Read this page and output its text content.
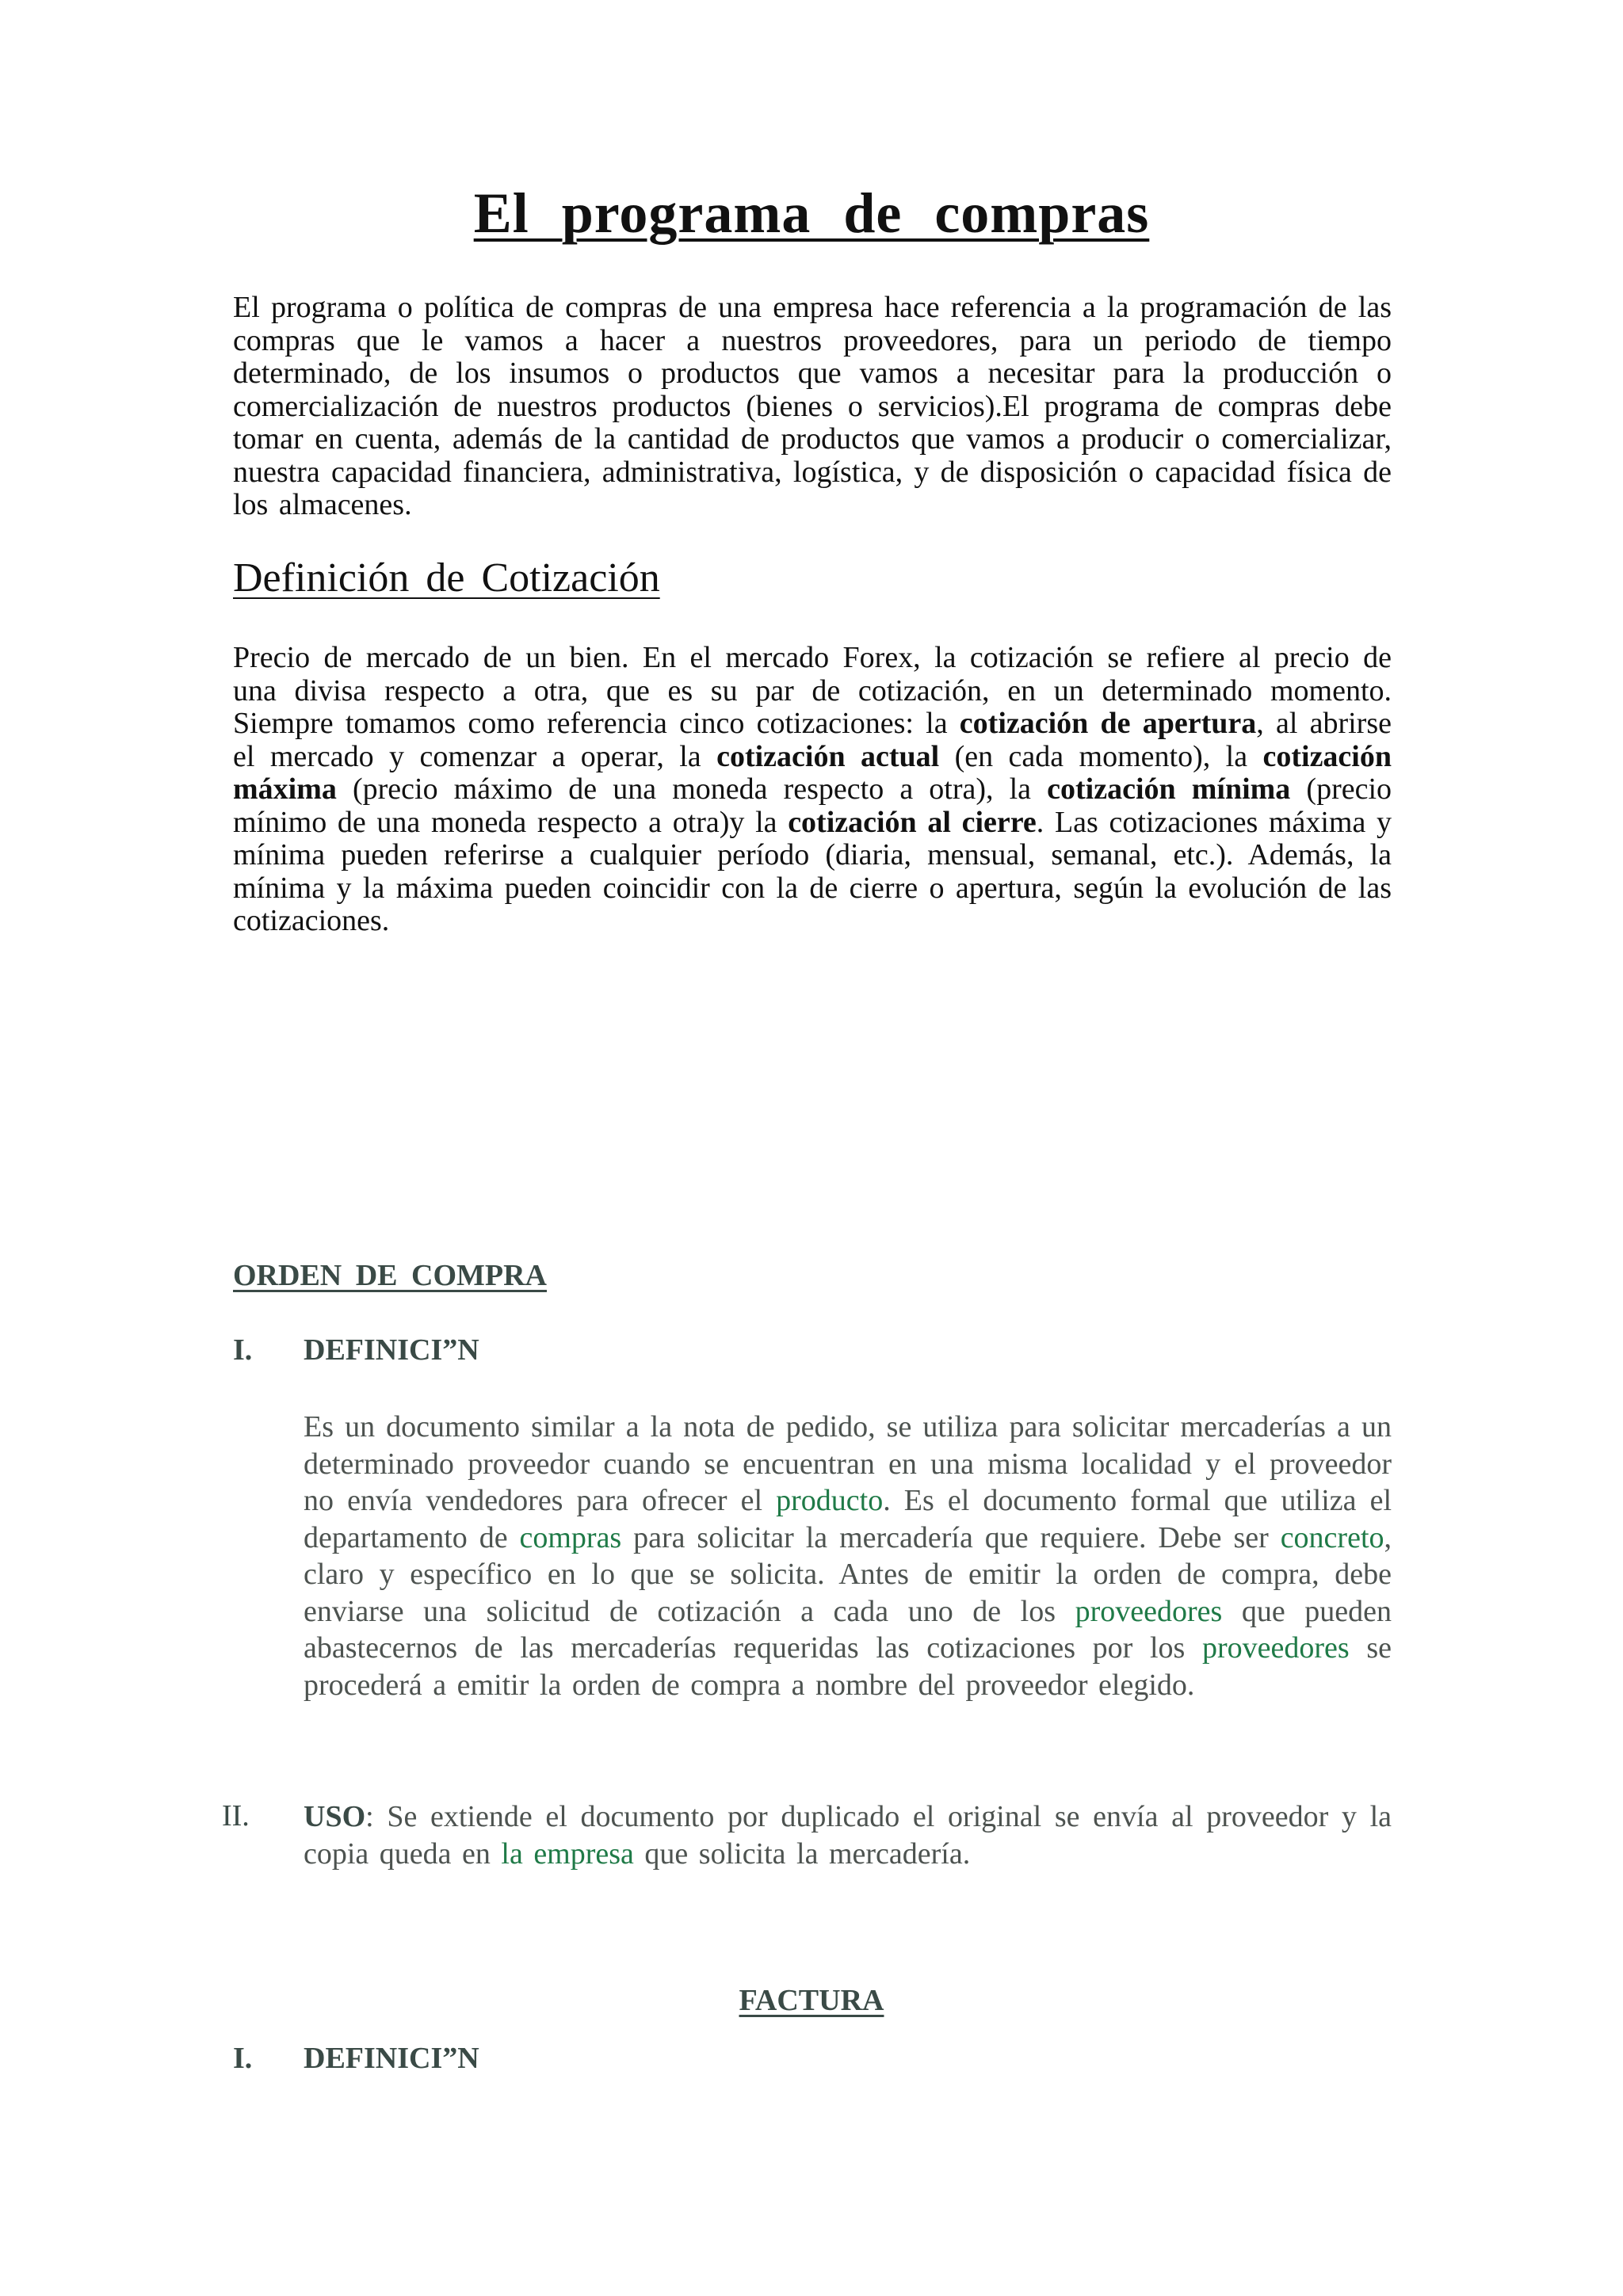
El programa de compras
El programa o política de compras de una empresa hace referencia a la programación de las compras que le vamos a hacer a nuestros proveedores, para un periodo de tiempo determinado, de los insumos o productos que vamos a necesitar para la producción o comercialización de nuestros productos (bienes o servicios).El programa de compras debe tomar en cuenta, además de la cantidad de productos que vamos a producir o comercializar, nuestra capacidad financiera, administrativa, logística, y de disposición o capacidad física de los almacenes.
Definición de Cotización
Precio de mercado de un bien. En el mercado Forex, la cotización se refiere al precio de una divisa respecto a otra, que es su par de cotización, en un determinado momento. Siempre tomamos como referencia cinco cotizaciones: la cotización de apertura, al abrirse el mercado y comenzar a operar, la cotización actual (en cada momento), la cotización máxima (precio máximo de una moneda respecto a otra), la cotización mínima (precio mínimo de una moneda respecto a otra)y la cotización al cierre. Las cotizaciones máxima y mínima pueden referirse a cualquier período (diaria, mensual, semanal, etc.). Además, la mínima y la máxima pueden coincidir con la de cierre o apertura, según la evolución de las cotizaciones.
ORDEN DE COMPRA
I. DEFINICI”N
Es un documento similar a la nota de pedido, se utiliza para solicitar mercaderías a un determinado proveedor cuando se encuentran en una misma localidad y el proveedor no envía vendedores para ofrecer el producto. Es el documento formal que utiliza el departamento de compras para solicitar la mercadería que requiere. Debe ser concreto, claro y específico en lo que se solicita. Antes de emitir la orden de compra, debe enviarse una solicitud de cotización a cada uno de los proveedores que pueden abastecernos de las mercaderías requeridas las cotizaciones por los proveedores se procederá a emitir la orden de compra a nombre del proveedor elegido.
II. USO: Se extiende el documento por duplicado el original se envía al proveedor y la copia queda en la empresa que solicita la mercadería.
FACTURA
I. DEFINICI”N
